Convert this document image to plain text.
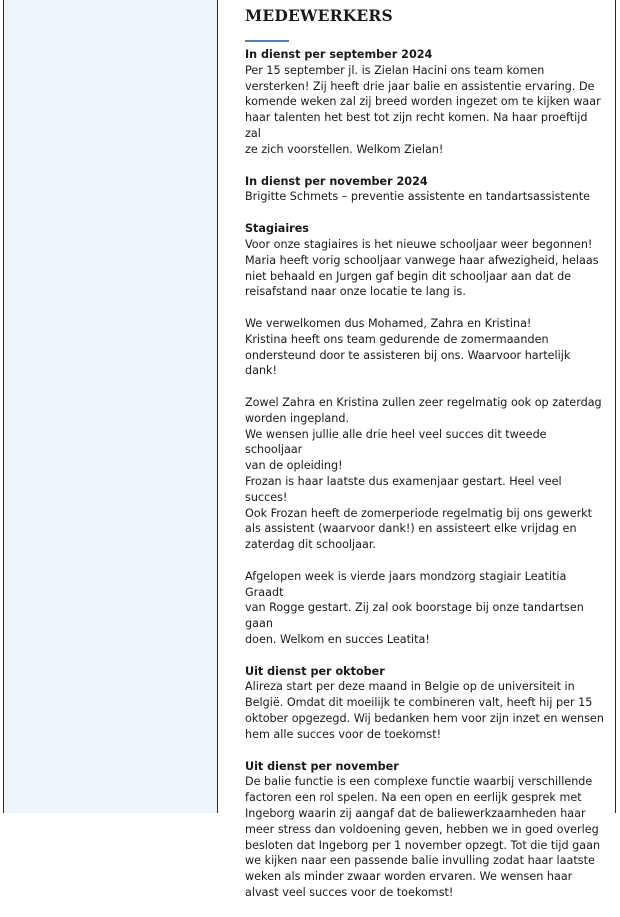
MEDEWERKERS
In dienst per september 2024

Per 15 september jl. is Zielan Hacini ons team komen
versterken! Zij heeft drie jaar balie en assistentie ervaring. De
komende weken zal zij breed worden ingezet om te kijken waar
haar talenten het best tot zijn recht komen. Na haar proeftijd zal
ze zich voorstellen. Welkom Zielan!

In dienst per november 2024

Brigitte Schmets – preventie assistente en tandartsassistente

Stagiaires

Voor onze stagiaires is het nieuwe schooljaar weer begonnen!
Maria heeft vorig schooljaar vanwege haar afwezigheid, helaas
niet behaald en Jurgen gaf begin dit schooljaar aan dat de
reisafstand naar onze locatie te lang is.

We verwelkomen dus Mohamed, Zahra en Kristina!
Kristina heeft ons team gedurende de zomermaanden
ondersteund door te assisteren bij ons. Waarvoor hartelijk dank!

Zowel Zahra en Kristina zullen zeer regelmatig ook op zaterdag
worden ingepland.
We wensen jullie alle drie heel veel succes dit tweede schooljaar
van de opleiding!
Frozan is haar laatste dus examenjaar gestart. Heel veel succes!
Ook Frozan heeft de zomerperiode regelmatig bij ons gewerkt
als assistent (waarvoor dank!) en assisteert elke vrijdag en
zaterdag dit schooljaar.

Afgelopen week is vierde jaars mondzorg stagiair Leatitia Graadt
van Rogge gestart. Zij zal ook boorstage bij onze tandartsen gaan
doen. Welkom en succes Leatita!

Uit dienst per oktober

Alireza start per deze maand in Belgie op de universiteit in
België. Omdat dit moeilijk te combineren valt, heeft hij per 15
oktober opgezegd. Wij bedanken hem voor zijn inzet en wensen
hem alle succes voor de toekomst!

Uit dienst per november

De balie functie is een complexe functie waarbij verschillende
factoren een rol spelen. Na een open en eerlijk gesprek met
Ingeborg waarin zij aangaf dat de baliewerkzaamheden haar
meer stress dan voldoening geven, hebben we in goed overleg
besloten dat Ingeborg per 1 november opzegt. Tot die tijd gaan
we kijken naar een passende balie invulling zodat haar laatste
weken als minder zwaar worden ervaren. We wensen haar
alvast veel succes voor de toekomst!
